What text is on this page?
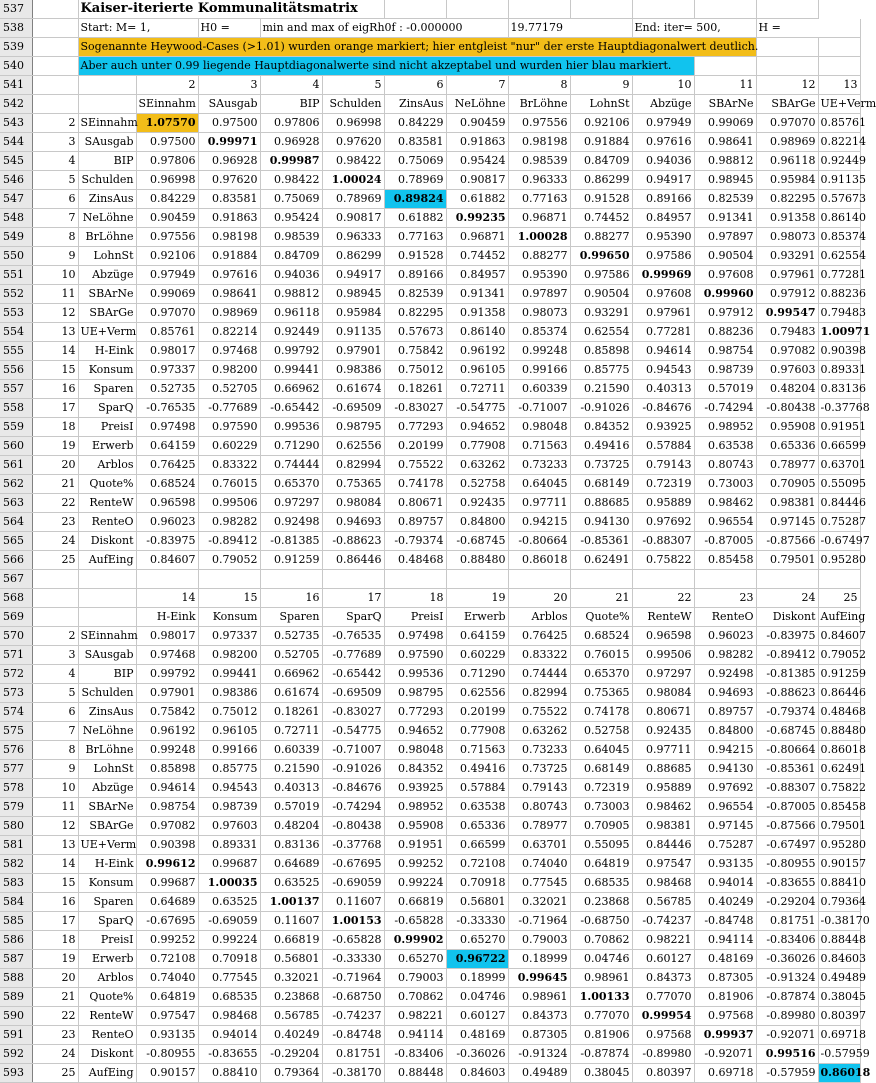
537		Kaiser-iterierte Kommunalitätsmatrix												
538		Start: M= 1,		H0 =	min and max of eigRh0f : -0.000000				19.77179		End: iter= 500,		H =	
539		Sogenannte Heywood-Cases (>1.01) wurden orange markiert; hier entgleist "nur" der erste Hauptdiagonalwert deutlich.												
540		Aber auch unter 0.99 liegende Hauptdiagonalwerte sind nicht akzeptabel und wurden hier blau markiert.												
541			2	3	4	5	6	7	8	9	10	11	12	13
542			SEinnahm	SAusgab	BIP	Schulden	ZinsAus	NeLöhne	BrLöhne	LohnSt	Abzüge	SBArNe	SBArGe	UE+Verm
543	2	SEinnahm	1.07570	0.97500	0.97806	0.96998	0.84229	0.90459	0.97556	0.92106	0.97949	0.99069	0.97070	0.85761
544	3	SAusgab	0.97500	0.99971	0.96928	0.97620	0.83581	0.91863	0.98198	0.91884	0.97616	0.98641	0.98969	0.82214
545	4	BIP	0.97806	0.96928	0.99987	0.98422	0.75069	0.95424	0.98539	0.84709	0.94036	0.98812	0.96118	0.92449
546	5	Schulden	0.96998	0.97620	0.98422	1.00024	0.78969	0.90817	0.96333	0.86299	0.94917	0.98945	0.95984	0.91135
547	6	ZinsAus	0.84229	0.83581	0.75069	0.78969	0.89824	0.61882	0.77163	0.91528	0.89166	0.82539	0.82295	0.57673
548	7	NeLöhne	0.90459	0.91863	0.95424	0.90817	0.61882	0.99235	0.96871	0.74452	0.84957	0.91341	0.91358	0.86140
549	8	BrLöhne	0.97556	0.98198	0.98539	0.96333	0.77163	0.96871	1.00028	0.88277	0.95390	0.97897	0.98073	0.85374
550	9	LohnSt	0.92106	0.91884	0.84709	0.86299	0.91528	0.74452	0.88277	0.99650	0.97586	0.90504	0.93291	0.62554
551	10	Abzüge	0.97949	0.97616	0.94036	0.94917	0.89166	0.84957	0.95390	0.97586	0.99969	0.97608	0.97961	0.77281
552	11	SBArNe	0.99069	0.98641	0.98812	0.98945	0.82539	0.91341	0.97897	0.90504	0.97608	0.99960	0.97912	0.88236
553	12	SBArGe	0.97070	0.98969	0.96118	0.95984	0.82295	0.91358	0.98073	0.93291	0.97961	0.97912	0.99547	0.79483
554	13	UE+Verm	0.85761	0.82214	0.92449	0.91135	0.57673	0.86140	0.85374	0.62554	0.77281	0.88236	0.79483	1.00971
555	14	H-Eink	0.98017	0.97468	0.99792	0.97901	0.75842	0.96192	0.99248	0.85898	0.94614	0.98754	0.97082	0.90398
556	15	Konsum	0.97337	0.98200	0.99441	0.98386	0.75012	0.96105	0.99166	0.85775	0.94543	0.98739	0.97603	0.89331
557	16	Sparen	0.52735	0.52705	0.66962	0.61674	0.18261	0.72711	0.60339	0.21590	0.40313	0.57019	0.48204	0.83136
558	17	SparQ	-0.76535	-0.77689	-0.65442	-0.69509	-0.83027	-0.54775	-0.71007	-0.91026	-0.84676	-0.74294	-0.80438	-0.37768
559	18	PreisI	0.97498	0.97590	0.99536	0.98795	0.77293	0.94652	0.98048	0.84352	0.93925	0.98952	0.95908	0.91951
560	19	Erwerb	0.64159	0.60229	0.71290	0.62556	0.20199	0.77908	0.71563	0.49416	0.57884	0.63538	0.65336	0.66599
561	20	Arblos	0.76425	0.83322	0.74444	0.82994	0.75522	0.63262	0.73233	0.73725	0.79143	0.80743	0.78977	0.63701
562	21	Quote%	0.68524	0.76015	0.65370	0.75365	0.74178	0.52758	0.64045	0.68149	0.72319	0.73003	0.70905	0.55095
563	22	RenteW	0.96598	0.99506	0.97297	0.98084	0.80671	0.92435	0.97711	0.88685	0.95889	0.98462	0.98381	0.84446
564	23	RenteO	0.96023	0.98282	0.92498	0.94693	0.89757	0.84800	0.94215	0.94130	0.97692	0.96554	0.97145	0.75287
565	24	Diskont	-0.83975	-0.89412	-0.81385	-0.88623	-0.79374	-0.68745	-0.80664	-0.85361	-0.88307	-0.87005	-0.87566	-0.67497
566	25	AufEing	0.84607	0.79052	0.91259	0.86446	0.48468	0.88480	0.86018	0.62491	0.75822	0.85458	0.79501	0.95280
567														
568			14	15	16	17	18	19	20	21	22	23	24	25
569			H-Eink	Konsum	Sparen	SparQ	PreisI	Erwerb	Arblos	Quote%	RenteW	RenteO	Diskont	AufEing
570	2	SEinnahm	0.98017	0.97337	0.52735	-0.76535	0.97498	0.64159	0.76425	0.68524	0.96598	0.96023	-0.83975	0.84607
571	3	SAusgab	0.97468	0.98200	0.52705	-0.77689	0.97590	0.60229	0.83322	0.76015	0.99506	0.98282	-0.89412	0.79052
572	4	BIP	0.99792	0.99441	0.66962	-0.65442	0.99536	0.71290	0.74444	0.65370	0.97297	0.92498	-0.81385	0.91259
573	5	Schulden	0.97901	0.98386	0.61674	-0.69509	0.98795	0.62556	0.82994	0.75365	0.98084	0.94693	-0.88623	0.86446
574	6	ZinsAus	0.75842	0.75012	0.18261	-0.83027	0.77293	0.20199	0.75522	0.74178	0.80671	0.89757	-0.79374	0.48468
575	7	NeLöhne	0.96192	0.96105	0.72711	-0.54775	0.94652	0.77908	0.63262	0.52758	0.92435	0.84800	-0.68745	0.88480
576	8	BrLöhne	0.99248	0.99166	0.60339	-0.71007	0.98048	0.71563	0.73233	0.64045	0.97711	0.94215	-0.80664	0.86018
577	9	LohnSt	0.85898	0.85775	0.21590	-0.91026	0.84352	0.49416	0.73725	0.68149	0.88685	0.94130	-0.85361	0.62491
578	10	Abzüge	0.94614	0.94543	0.40313	-0.84676	0.93925	0.57884	0.79143	0.72319	0.95889	0.97692	-0.88307	0.75822
579	11	SBArNe	0.98754	0.98739	0.57019	-0.74294	0.98952	0.63538	0.80743	0.73003	0.98462	0.96554	-0.87005	0.85458
580	12	SBArGe	0.97082	0.97603	0.48204	-0.80438	0.95908	0.65336	0.78977	0.70905	0.98381	0.97145	-0.87566	0.79501
581	13	UE+Verm	0.90398	0.89331	0.83136	-0.37768	0.91951	0.66599	0.63701	0.55095	0.84446	0.75287	-0.67497	0.95280
582	14	H-Eink	0.99612	0.99687	0.64689	-0.67695	0.99252	0.72108	0.74040	0.64819	0.97547	0.93135	-0.80955	0.90157
583	15	Konsum	0.99687	1.00035	0.63525	-0.69059	0.99224	0.70918	0.77545	0.68535	0.98468	0.94014	-0.83655	0.88410
584	16	Sparen	0.64689	0.63525	1.00137	0.11607	0.66819	0.56801	0.32021	0.23868	0.56785	0.40249	-0.29204	0.79364
585	17	SparQ	-0.67695	-0.69059	0.11607	1.00153	-0.65828	-0.33330	-0.71964	-0.68750	-0.74237	-0.84748	0.81751	-0.38170
586	18	PreisI	0.99252	0.99224	0.66819	-0.65828	0.99902	0.65270	0.79003	0.70862	0.98221	0.94114	-0.83406	0.88448
587	19	Erwerb	0.72108	0.70918	0.56801	-0.33330	0.65270	0.96722	0.18999	0.04746	0.60127	0.48169	-0.36026	0.84603
588	20	Arblos	0.74040	0.77545	0.32021	-0.71964	0.79003	0.18999	0.99645	0.98961	0.84373	0.87305	-0.91324	0.49489
589	21	Quote%	0.64819	0.68535	0.23868	-0.68750	0.70862	0.04746	0.98961	1.00133	0.77070	0.81906	-0.87874	0.38045
590	22	RenteW	0.97547	0.98468	0.56785	-0.74237	0.98221	0.60127	0.84373	0.77070	0.99954	0.97568	-0.89980	0.80397
591	23	RenteO	0.93135	0.94014	0.40249	-0.84748	0.94114	0.48169	0.87305	0.81906	0.97568	0.99937	-0.92071	0.69718
592	24	Diskont	-0.80955	-0.83655	-0.29204	0.81751	-0.83406	-0.36026	-0.91324	-0.87874	-0.89980	-0.92071	0.99516	-0.57959
593	25	AufEing	0.90157	0.88410	0.79364	-0.38170	0.88448	0.84603	0.49489	0.38045	0.80397	0.69718	-0.57959	0.86018
